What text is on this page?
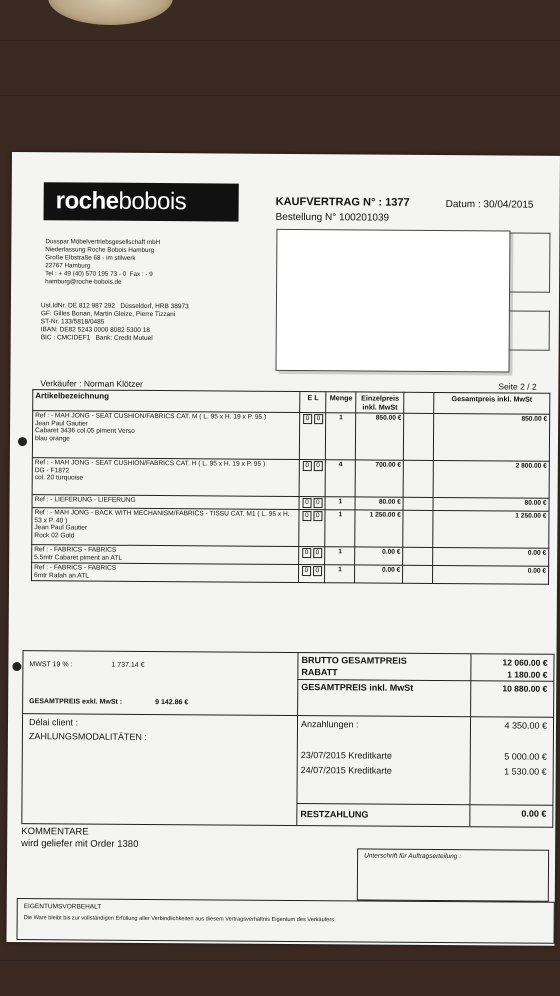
rochebobois	KAUFVERTRAG N° : 1377	Datum : 30/04/2015
Bestellung N° 100201039
Dusspar Möbelvertriebsgesellschaft mbH
Niederlassung Roche Bobois Hamburg
Große Elbstraße 68 - im stilwerk
22767 Hamburg
Tel : + 49 (40) 570 195 73 - 0  Fax : - 9
hamburg@roche-bobois.de
Ust.IdNr. DE 812 987 292   Düsseldorf, HRB 38973
GF: Gilles Bonan, Martin Gleize, Pierre Tizzani
ST-Nr. 133/5818/0485
IBAN: DE82 5243 0000 8082 5300 18
BIC : CMCIDEF1   Bank: Credit Mutuel
Verkäufer : Norman Klötzer	Seite 2 / 2
Artikelbezeichnung	E L	Menge	Einzelpreis inkl. MwSt		Gesamtpreis inkl. MwSt
Ref : - MAH JONG - SEAT CUSHION/FABRICS CAT. M ( L. 95 x H. 19 x P. 95 )
Jean Paul Gautier
Cabaret 3436 col.05 piment Verso
blau orange	0 0	1	850.00 €		850.00 €
Ref : - MAH JONG - SEAT CUSHION/FABRICS CAT. H ( L. 95 x H. 19 x P. 95 )
DG - F1872
col. 20 turquoise	0 0	4	700.00 €		2 800.00 €
Ref : - LIEFERUNG - LIEFERUNG	0 0	1	80.00 €		80.00 €
Ref : - MAH JONG - BACK WITH MECHANISM/FABRICS - TISSU CAT. M1 ( L. 95 x H. 53 x P. 40 )
Jean Paul Gautier
Rock 02 Gold	0 0	1	1 250.00 €		1 250.00 €
Ref : - FABRICS - FABRICS
5.5mtr Cabaret piment an ATL	0 0	1	0.00 €		0.00 €
Ref : - FABRICS - FABRICS
6mtr Rafah an ATL	0 0	1	0.00 €		0.00 €
MWST 19 % :	1 737.14 €
GESAMTPREIS exkl. MwSt :	9 142.86 €
BRUTTO GESAMTPREIS	12 060.00 €
RABATT	1 180.00 €
GESAMTPREIS inkl. MwSt	10 880.00 €
Délai client :
ZAHLUNGSMODALITÄTEN :
Anzahlungen :	4 350.00 €
23/07/2015 Kreditkarte	5 000.00 €
24/07/2015 Kreditkarte	1 530.00 €
RESTZAHLUNG	0.00 €
KOMMENTARE
wird geliefer mit Order 1380
Unterschrift für Auftragserteilung :
EIGENTUMSVORBEHALT
Die Ware bleibt bis zur vollständigen Erfüllung aller Verbindlichkeiten aus diesem Vertragsverhältnis Eigentum des Verkäufers.
